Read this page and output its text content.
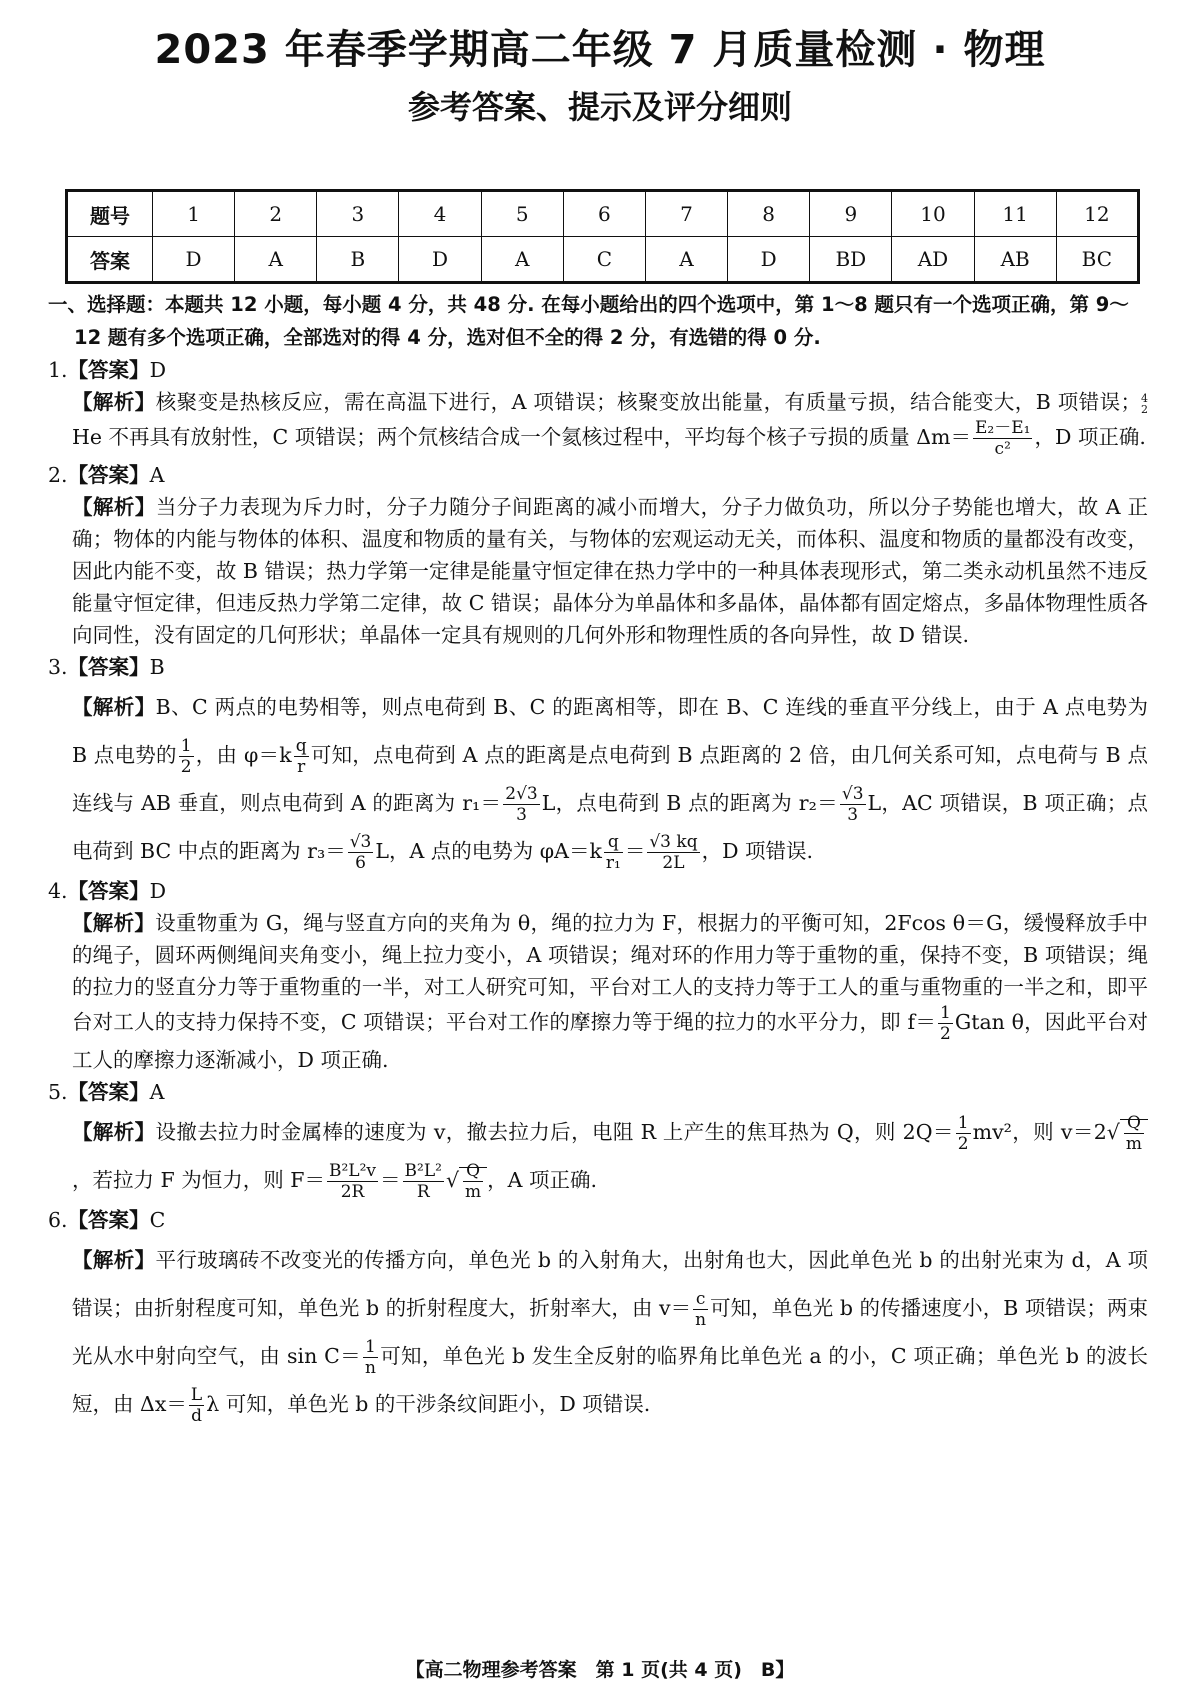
2023 年春季学期高二年级 7 月质量检测 · 物理
参考答案、提示及评分细则
题号	1	2	3	4	5	6	7	8	9	10	11	12
答案	D	A	B	D	A	C	A	D	BD	AD	AB	BC

一、选择题：本题共 12 小题，每小题 4 分，共 48 分. 在每小题给出的四个选项中，第 1～8 题只有一个选项正确，第 9～12 题有多个选项正确，全部选对的得 4 分，选对但不全的得 2 分，有选错的得 0 分.

1.【答案】D

【解析】核聚变是热核反应，需在高温下进行，A 项错误；核聚变放出能量，有质量亏损，结合能变大，B 项错误； 4
2
He 不再具有放射性，C 项错误；两个氘核结合成一个氦核过程中，平均每个核子亏损的质量 $\Delta m= \frac{\text{E₂－E₁}}{\text{c²}}$ ，D 项正确.

2.【答案】A

【解析】当分子力表现为斥力时，分子力随分子间距离的减小而增大，分子力做负功，所以分子势能也增大，故 A 正确；物体的内能与物体的体积、温度和物质的量有关，与物体的宏观运动无关，而体积、温度和物质的量都没有改变，因此内能不变，故 B 错误；热力学第一定律是能量守恒定律在热力学中的一种具体表现形式，第二类永动机虽然不违反能量守恒定律，但违反热力学第二定律，故 C 错误；晶体分为单晶体和多晶体，晶体都有固定熔点，多晶体物理性质各向同性，没有固定的几何形状；单晶体一定具有规则的几何外形和物理性质的各向异性，故 D 错误.

3.【答案】B

【解析】B、C 两点的电势相等，则点电荷到 B、C 的距离相等，即在 B、C 连线的垂直平分线上，由于 A 点电势为 B 点电势的 $\frac{1}{2}$ ，由 $\varphi=k \frac{q}{r}$ 可知，点电荷到 A 点的距离是点电荷到 B 点距离的 2 倍，由几何关系可知，点电荷与 B 点连线与 AB 垂直，则点电荷到 A 的距离为 $r_1= \frac{2√3}{3}$ L，点电荷到 B 点的距离为 $r_2= \frac{√3}{3}$ L，AC 项错误，B 项正确；点电荷到 BC 中点的距离为 $r_3= \frac{√3}{6}$ L，A 点的电势为 $\varphi A=k \frac{q}{\text{r₁}} = \frac{√3 kq}{2L}$ ，D 项错误.

4.【答案】D

【解析】设重物重为 G，绳与竖直方向的夹角为 θ，绳的拉力为 F，根据力的平衡可知，2Fcos θ＝G，缓慢释放手中的绳子，圆环两侧绳间夹角变小，绳上拉力变小，A 项错误；绳对环的作用力等于重物的重，保持不变，B 项错误；绳的拉力的竖直分力等于重物重的一半，对工人研究可知，平台对工人的支持力等于工人的重与重物重的一半之和，即平台对工人的支持力保持不变，C 项错误；平台对工作的摩擦力等于绳的拉力的水平分力，即 $f= \frac{1}{2}$ Gtan θ，因此平台对工人的摩擦力逐渐减小，D 项正确.

5.【答案】A

【解析】设撤去拉力时金属棒的速度为 v，撤去拉力后，电阻 R 上产生的焦耳热为 Q，则 $2Q= \frac{1}{2} mv^2$，则 $v=2√ \frac{Q}{m}$
，若拉力 F 为恒力，则 $F= \frac{\text{B²L²v}}{2R} = \frac{\text{B²L²}}{R}$ √ $\frac{Q}{m}$ ，A 项正确.

6.【答案】C

【解析】平行玻璃砖不改变光的传播方向，单色光 b 的入射角大，出射角也大，因此单色光 b 的出射光束为 d，A 项错误；由折射程度可知，单色光 b 的折射程度大，折射率大，由 $v= \frac{c}{n}$ 可知，单色光 b 的传播速度小，B 项错误；两束光从水中射向空气，由 $\sin C= \frac{1}{n}$ 可知，单色光 b 发生全反射的临界角比单色光 a 的小，C 项正确；单色光 b 的波长短，由 $\Delta x= \frac{L}{d}$ λ 可知，单色光 b 的干涉条纹间距小，D 项错误.

【高二物理参考答案　第 1 页(共 4 页)　B】
